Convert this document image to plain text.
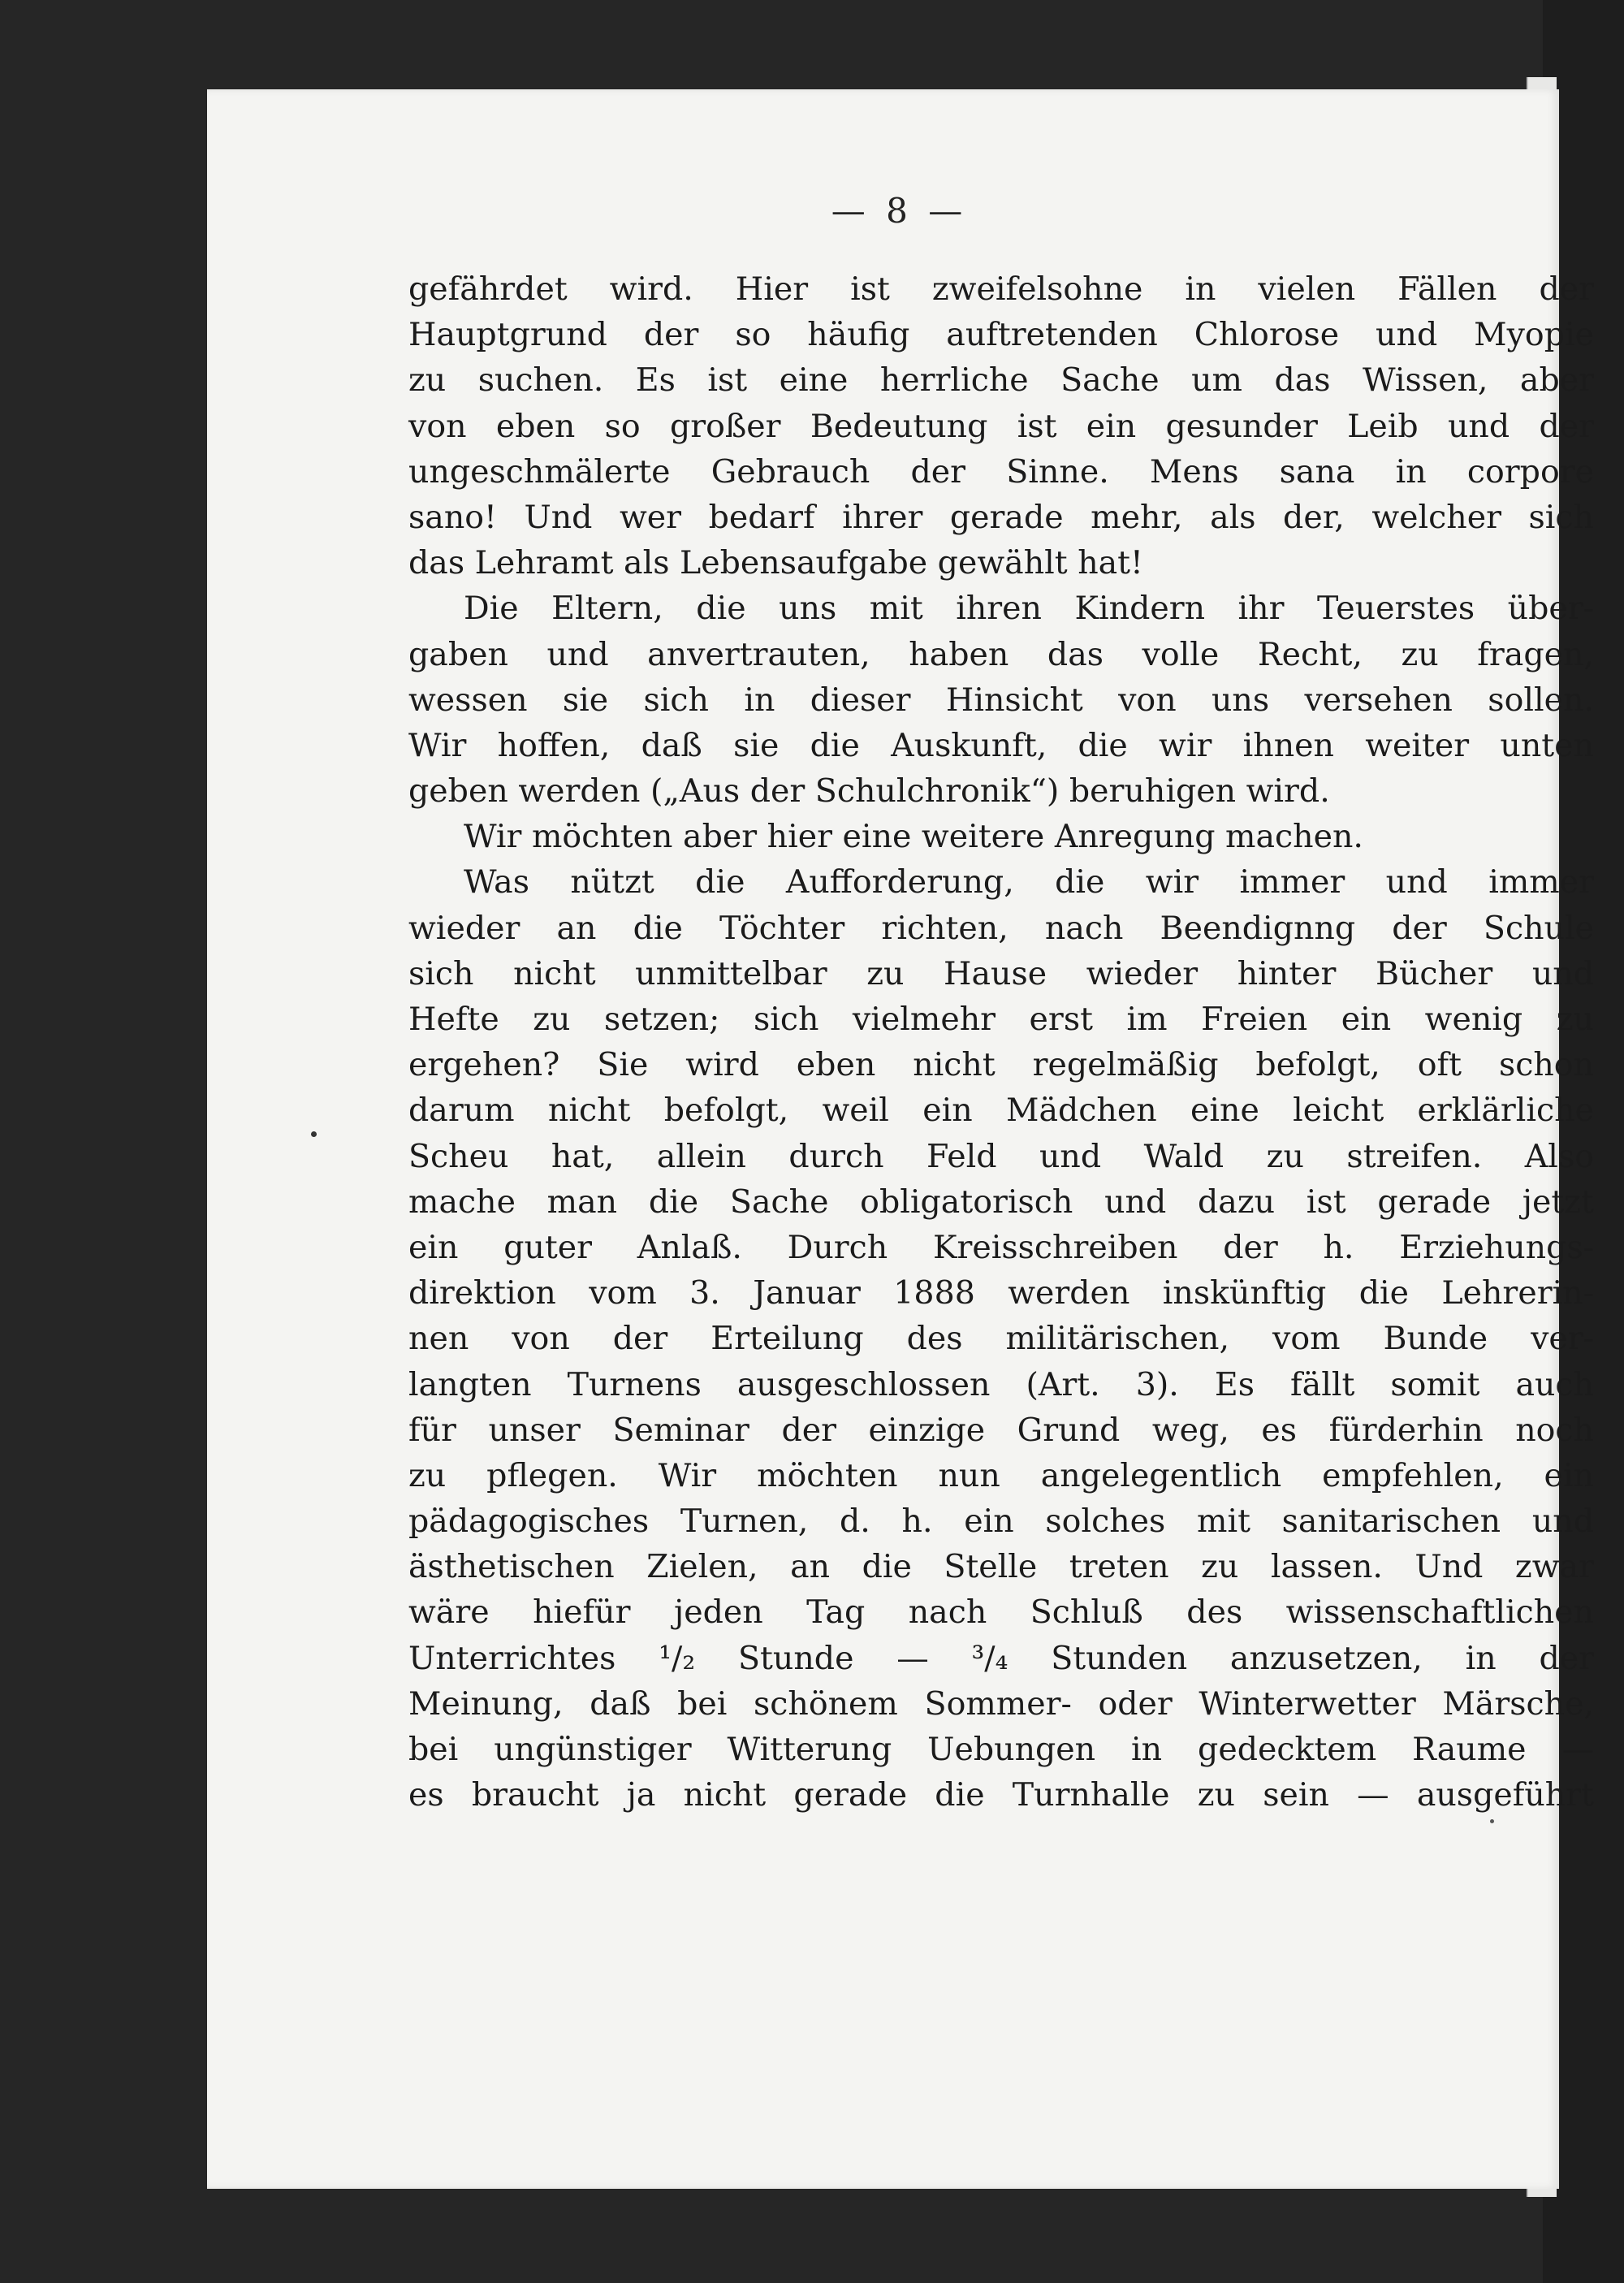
— 8 —
gefährdet wird. Hier ist zweifelsohne in vielen Fällen der
Hauptgrund der so häufig auftretenden Chlorose und Myopie
zu suchen. Es ist eine herrliche Sache um das Wissen, aber
von eben so großer Bedeutung ist ein gesunder Leib und der
ungeschmälerte Gebrauch der Sinne. Mens sana in corpore
sano! Und wer bedarf ihrer gerade mehr, als der, welcher sich
das Lehramt als Lebensaufgabe gewählt hat!
Die Eltern, die uns mit ihren Kindern ihr Teuerstes über-
gaben und anvertrauten, haben das volle Recht, zu fragen,
wessen sie sich in dieser Hinsicht von uns versehen sollen.
Wir hoffen, daß sie die Auskunft, die wir ihnen weiter unten
geben werden („Aus der Schulchronik“) beruhigen wird.
Wir möchten aber hier eine weitere Anregung machen.
Was nützt die Aufforderung, die wir immer und immer
wieder an die Töchter richten, nach Beendignng der Schule
sich nicht unmittelbar zu Hause wieder hinter Bücher und
Hefte zu setzen; sich vielmehr erst im Freien ein wenig zu
ergehen? Sie wird eben nicht regelmäßig befolgt, oft schon
darum nicht befolgt, weil ein Mädchen eine leicht erklärliche
Scheu hat, allein durch Feld und Wald zu streifen. Also
mache man die Sache obligatorisch und dazu ist gerade jetzt
ein guter Anlaß. Durch Kreisschreiben der h. Erziehungs-
direktion vom 3. Januar 1888 werden inskünftig die Lehrerin-
nen von der Erteilung des militärischen, vom Bunde ver-
langten Turnens ausgeschlossen (Art. 3). Es fällt somit auch
für unser Seminar der einzige Grund weg, es fürderhin noch
zu pflegen. Wir möchten nun angelegentlich empfehlen, ein
pädagogisches Turnen, d. h. ein solches mit sanitarischen und
ästhetischen Zielen, an die Stelle treten zu lassen. Und zwar
wäre hiefür jeden Tag nach Schluß des wissenschaftlichen
Unterrichtes ¹/₂ Stunde — ³/₄ Stunden anzusetzen, in der
Meinung, daß bei schönem Sommer- oder Winterwetter Märsche,
bei ungünstiger Witterung Uebungen in gedecktem Raume —
es braucht ja nicht gerade die Turnhalle zu sein — ausgeführt
